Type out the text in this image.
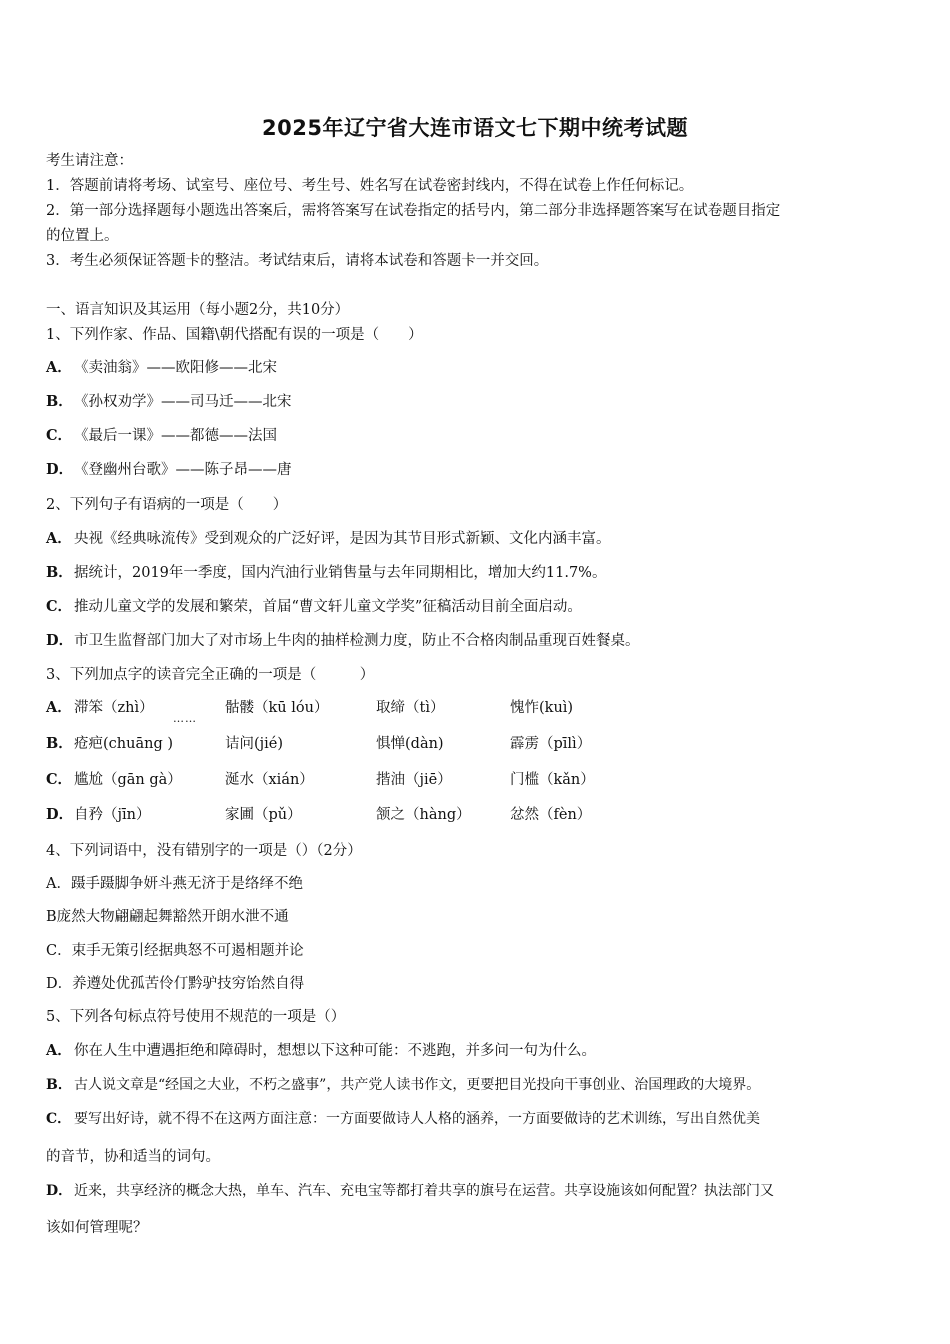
2025年辽宁省大连市语文七下期中统考试题
考生请注意：
1．答题前请将考场、试室号、座位号、考生号、姓名写在试卷密封线内，不得在试卷上作任何标记。
2．第一部分选择题每小题选出答案后，需将答案写在试卷指定的括号内，第二部分非选择题答案写在试卷题目指定
的位置上。
3．考生必须保证答题卡的整洁。考试结束后，请将本试卷和答题卡一并交回。
一、语言知识及其运用（每小题2分，共10分）
1、下列作家、作品、国籍\朝代搭配有误的一项是（　　）
A． 《卖油翁》——欧阳修——北宋
B．《孙权劝学》——司马迁——北宋
C． 《最后一课》——都德——法国
D．《登幽州台歌》——陈子昂——唐
2、下列句子有语病的一项是（　　）
A． 央视《经典咏流传》受到观众的广泛好评，是因为其节目形式新颖、文化内涵丰富。
B．据统计，2019年一季度，国内汽油行业销售量与去年同期相比，增加大约11.7%。
C． 推动儿童文学的发展和繁荣，首届“曹文轩儿童文学奖”征稿活动目前全面启动。
D．市卫生监督部门加大了对市场上牛肉的抽样检测力度，防止不合格肉制品重现百姓餐桌。
3、下列加点字的读音完全正确的一项是（　　　）
……
A． 滞笨（zhì）	骷髅（kū lóu）	取缔（tì）	愧怍(kuì)
B． 疮疤(chuāng )	诘问(jié)	惧惮(dàn)	霹雳（pīlì）
C． 尴尬（gān gà）	涎水（xián）	揩油（jiē）	门槛（kǎn）
D． 自矜（jīn）	家圃（pǔ）	颔之（hàng）	忿然（fèn）
4、下列词语中，没有错别字的一项是（）（2分）
A．蹑手蹑脚争妍斗燕无济于是络绎不绝
B庞然大物翩翩起舞豁然开朗水泄不通
C．束手无策引经据典怒不可遏相题并论
D．养遵处优孤苦伶仃黔驴技穷饴然自得
5、下列各句标点符号使用不规范的一项是（）
A． 你在人生中遭遇拒绝和障碍时，想想以下这种可能：不逃跑，并多问一句为什么。
B． 古人说文章是“经国之大业，不朽之盛事”，共产党人读书作文，更要把目光投向干事创业、治国理政的大境界。
C． 要写出好诗，就不得不在这两方面注意：一方面要做诗人人格的涵养，一方面要做诗的艺术训练，写出自然优美
的音节，协和适当的词句。
D． 近来，共享经济的概念大热，单车、汽车、充电宝等都打着共享的旗号在运营。共享设施该如何配置？执法部门又
该如何管理呢？
